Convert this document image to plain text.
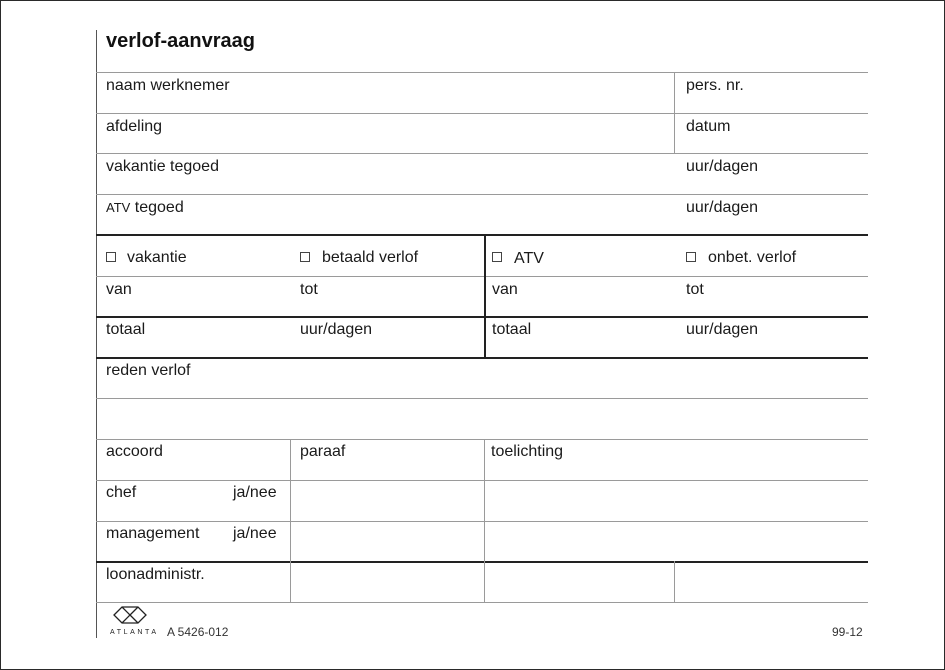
verlof-aanvraag
naam werknemer	pers. nr.
afdeling	datum
vakantie tegoed	uur/dagen
ATV tegoed	uur/dagen
vakantie	betaald verlof	ATV	onbet. verlof
van	tot	van	tot
totaal	uur/dagen	totaal	uur/dagen
reden verlof
accoord	paraaf	toelichting
chef	ja/nee
management ja/nee
loonadministr.
ATLANTA A 5426-012	99-12
